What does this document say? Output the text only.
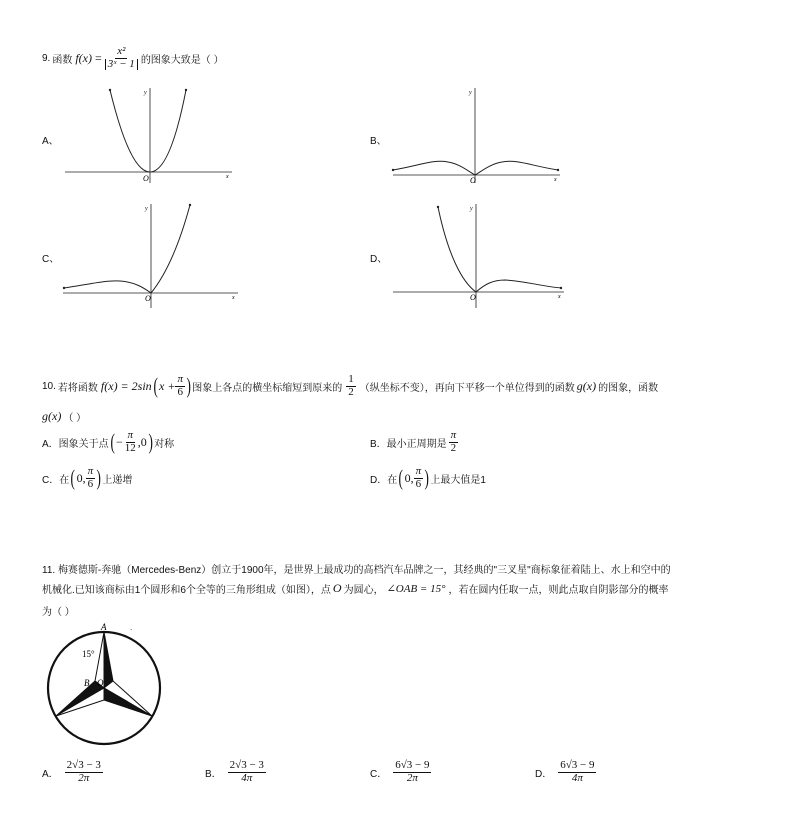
9. 函数 $f(x) = \frac{\text{x²}}{\text{3ˣ − 1}}$ 的图象大致是（ ）
A、	B、
C、	D、
O	x
y
O	x
y
O	x
y
O	x
y
10. 若将函数 f(x) = 2sin ( $x + \frac{\pi}{6}$ ) 图象上各点的横坐标缩短到原来的 $\frac{1}{2}$ （纵坐标不变），再向下平移一个单位得到的函数 g(x) 的图象，函数
g(x) （ ）
A． 图象关于点 ( − $\frac{\pi}{12} ,0$ ) 对称	B． 最小正周期是 $\frac{\pi}{2}$
C． 在 ( 0, $\frac{\pi}{6}$ ) 上递增	D． 在 ( 0, $\frac{\pi}{6}$ ) 上最大值是1
11. 梅赛德斯-奔驰（Mercedes-Benz）创立于1900年，是世界上最成功的高档汽车品牌之一，其经典的"三叉星"商标象征着陆上、水上和空中的
机械化.已知该商标由1个圆形和6个全等的三角形组成（如图），点 O 为圆心， ∠OAB = 15° ，若在圆内任取一点，则此点取自阴影部分的概率
为（ ）
A
B O
15°
·
A． $\frac{2√3 - 3}{2\pi}$	B． $\frac{2√3 - 3}{4\pi}$	C． $\frac{6√3 - 9}{2\pi}$	D． $\frac{6√3 - 9}{4\pi}$
